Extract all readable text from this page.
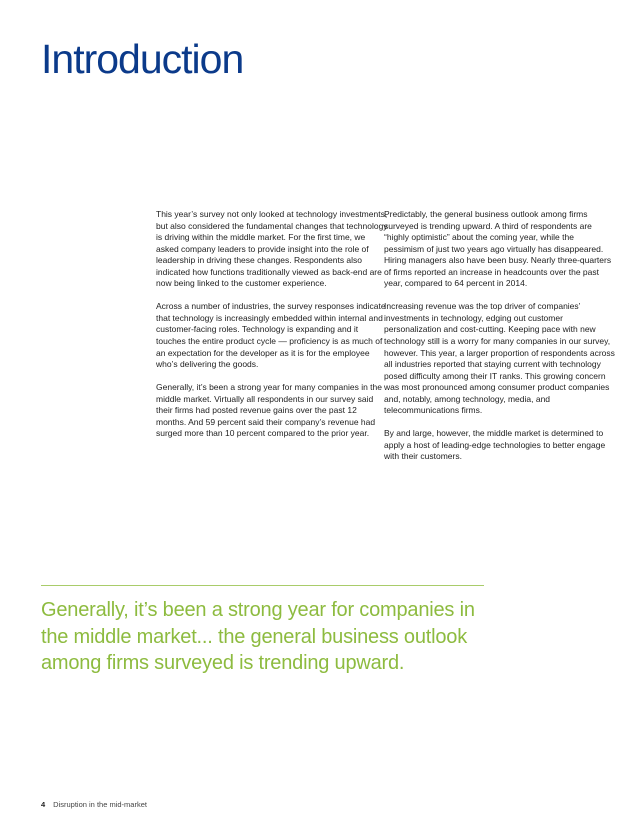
Introduction

This year’s survey not only looked at technology investments, but also considered the fundamental changes that technology is driving within the middle market. For the first time, we asked company leaders to provide insight into the role of leadership in driving these changes. Respondents also indicated how functions traditionally viewed as back-end are now being linked to the customer experience.

Across a number of industries, the survey responses indicate that technology is increasingly embedded within internal and customer-facing roles. Technology is expanding and it touches the entire product cycle — proficiency is as much of an expectation for the developer as it is for the employee who’s delivering the goods.

Generally, it’s been a strong year for many companies in the middle market. Virtually all respondents in our survey said their firms had posted revenue gains over the past 12 months. And 59 percent said their company’s revenue had surged more than 10 percent compared to the prior year.

Predictably, the general business outlook among firms surveyed is trending upward. A third of respondents are “highly optimistic” about the coming year, while the pessimism of just two years ago virtually has disappeared. Hiring managers also have been busy. Nearly three-quarters of firms reported an increase in headcounts over the past year, compared to 64 percent in 2014.

Increasing revenue was the top driver of companies’ investments in technology, edging out customer personalization and cost-cutting. Keeping pace with new technology still is a worry for many companies in our survey, however. This year, a larger proportion of respondents across all industries reported that staying current with technology posed difficulty among their IT ranks. This growing concern was most pronounced among consumer product companies and, notably, among technology, media, and telecommunications firms.

By and large, however, the middle market is determined to apply a host of leading-edge technologies to better engage with their customers.

Generally, it’s been a strong year for companies in the middle market... the general business outlook among firms surveyed is trending upward.

4 Disruption in the mid-market
